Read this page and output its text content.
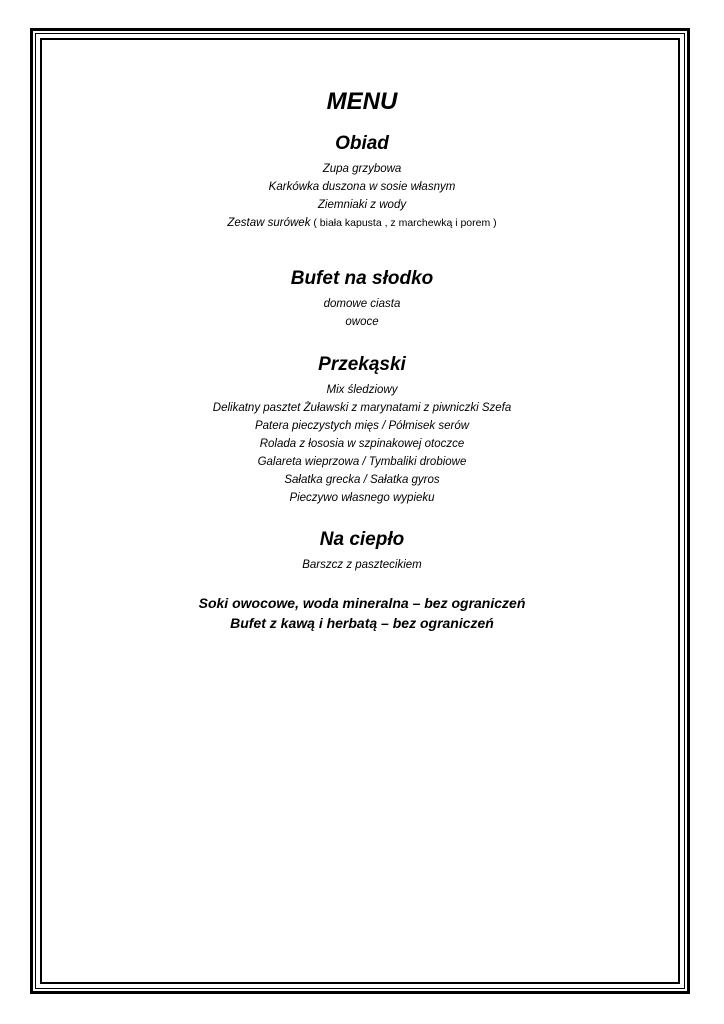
MENU
Obiad

Zupa grzybowa

Karkówka duszona w sosie własnym

Ziemniaki z wody

Zestaw surówek ( biała kapusta , z marchewką i porem )

Bufet na słodko

domowe ciasta

owoce

Przekąski

Mix śledziowy

Delikatny pasztet Żuławski z marynatami z piwniczki Szefa

Patera pieczystych mięs / Półmisek serów

Rolada z łososia w szpinakowej otoczce

Galareta wieprzowa / Tymbaliki drobiowe

Sałatka grecka / Sałatka gyros

Pieczywo własnego wypieku

Na ciepło

Barszcz z pasztecikiem

Soki owocowe, woda mineralna – bez ograniczeń

Bufet z kawą i herbatą – bez ograniczeń
